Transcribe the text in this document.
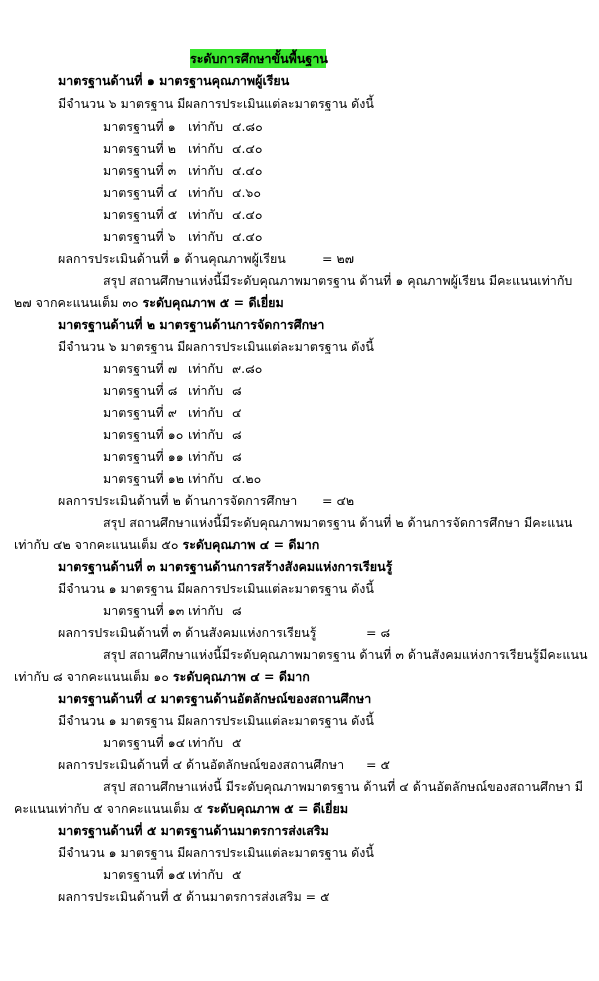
ระดับการศึกษาขั้นพื้นฐาน
มาตรฐานด้านที่ ๑ มาตรฐานคุณภาพผู้เรียน
มีจำนวน ๖ มาตรฐาน มีผลการประเมินแต่ละมาตรฐาน ดังนี้
มาตรฐานที่ ๑ เท่ากับ ๔.๘๐
มาตรฐานที่ ๒ เท่ากับ ๔.๔๐
มาตรฐานที่ ๓ เท่ากับ ๔.๔๐
มาตรฐานที่ ๔ เท่ากับ ๔.๖๐
มาตรฐานที่ ๕ เท่ากับ ๔.๔๐
มาตรฐานที่ ๖ เท่ากับ ๔.๔๐
ผลการประเมินด้านที่ ๑ ด้านคุณภาพผู้เรียน	= ๒๗
สรุป สถานศึกษาแห่งนี้มีระดับคุณภาพมาตรฐาน ด้านที่ ๑ คุณภาพผู้เรียน มีคะแนนเท่ากับ
๒๗ จากคะแนนเต็ม ๓๐ ระดับคุณภาพ ๕ = ดีเยี่ยม
มาตรฐานด้านที่ ๒ มาตรฐานด้านการจัดการศึกษา
มีจำนวน ๖ มาตรฐาน มีผลการประเมินแต่ละมาตรฐาน ดังนี้
มาตรฐานที่ ๗ เท่ากับ ๙.๘๐
มาตรฐานที่ ๘ เท่ากับ ๘
มาตรฐานที่ ๙ เท่ากับ ๔
มาตรฐานที่ ๑๐ เท่ากับ ๘
มาตรฐานที่ ๑๑ เท่ากับ ๘
มาตรฐานที่ ๑๒ เท่ากับ ๔.๒๐
ผลการประเมินด้านที่ ๒ ด้านการจัดการศึกษา = ๔๒
สรุป สถานศึกษาแห่งนี้มีระดับคุณภาพมาตรฐาน ด้านที่ ๒ ด้านการจัดการศึกษา มีคะแนน
เท่ากับ ๔๒ จากคะแนนเต็ม ๕๐ ระดับคุณภาพ ๔ = ดีมาก
มาตรฐานด้านที่ ๓ มาตรฐานด้านการสร้างสังคมแห่งการเรียนรู้
มีจำนวน ๑ มาตรฐาน มีผลการประเมินแต่ละมาตรฐาน ดังนี้
มาตรฐานที่ ๑๓ เท่ากับ ๘
ผลการประเมินด้านที่ ๓ ด้านสังคมแห่งการเรียนรู้	= ๘
สรุป สถานศึกษาแห่งนี้มีระดับคุณภาพมาตรฐาน ด้านที่ ๓ ด้านสังคมแห่งการเรียนรู้มีคะแนน
เท่ากับ ๘ จากคะแนนเต็ม ๑๐ ระดับคุณภาพ ๔ = ดีมาก
มาตรฐานด้านที่ ๔ มาตรฐานด้านอัตลักษณ์ของสถานศึกษา
มีจำนวน ๑ มาตรฐาน มีผลการประเมินแต่ละมาตรฐาน ดังนี้
มาตรฐานที่ ๑๔ เท่ากับ ๕
ผลการประเมินด้านที่ ๔ ด้านอัตลักษณ์ของสถานศึกษา = ๕
สรุป สถานศึกษาแห่งนี้ มีระดับคุณภาพมาตรฐาน ด้านที่ ๔ ด้านอัตลักษณ์ของสถานศึกษา มี
คะแนนเท่ากับ ๕ จากคะแนนเต็ม ๕ ระดับคุณภาพ ๕ = ดีเยี่ยม
มาตรฐานด้านที่ ๕ มาตรฐานด้านมาตรการส่งเสริม
มีจำนวน ๑ มาตรฐาน มีผลการประเมินแต่ละมาตรฐาน ดังนี้
มาตรฐานที่ ๑๕ เท่ากับ ๕
ผลการประเมินด้านที่ ๕ ด้านมาตรการส่งเสริม = ๕
